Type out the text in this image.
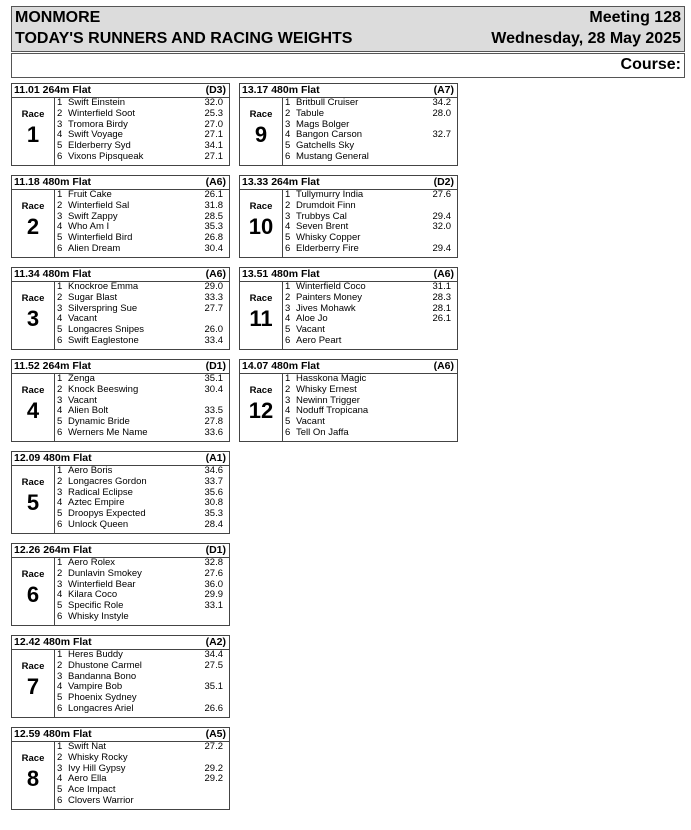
MONMORE
TODAY'S RUNNERS AND RACING WEIGHTS
Meeting 128
Wednesday, 28 May 2025
Course:
11.01 264m Flat	(D3)
Race
1
1 Swift Einstein	32.0
2 Winterfield Soot	25.3
3 Tromora Birdy	27.0
4 Swift Voyage	27.1
5 Elderberry Syd	34.1
6 Vixons Pipsqueak	27.1
11.18 480m Flat	(A6)
Race
2
1 Fruit Cake	26.1
2 Winterfield Sal	31.8
3 Swift Zappy	28.5
4 Who Am I	35.3
5 Winterfield Bird	26.8
6 Alien Dream	30.4
11.34 480m Flat	(A6)
Race
3
1 Knockroe Emma	29.0
2 Sugar Blast	33.3
3 Silverspring Sue	27.7
4 Vacant
5 Longacres Snipes	26.0
6 Swift Eaglestone	33.4
11.52 264m Flat	(D1)
Race
4
1 Zenga	35.1
2 Knock Beeswing	30.4
3 Vacant
4 Alien Bolt	33.5
5 Dynamic Bride	27.8
6 Werners Me Name	33.6
12.09 480m Flat	(A1)
Race
5
1 Aero Boris	34.6
2 Longacres Gordon	33.7
3 Radical Eclipse	35.6
4 Aztec Empire	30.8
5 Droopys Expected	35.3
6 Unlock Queen	28.4
12.26 264m Flat	(D1)
Race
6
1 Aero Rolex	32.8
2 Dunlavin Smokey	27.6
3 Winterfield Bear	36.0
4 Kilara Coco	29.9
5 Specific Role	33.1
6 Whisky Instyle
12.42 480m Flat	(A2)
Race
7
1 Heres Buddy	34.4
2 Dhustone Carmel	27.5
3 Bandanna Bono
4 Vampire Bob	35.1
5 Phoenix Sydney
6 Longacres Ariel	26.6
12.59 480m Flat	(A5)
Race
8
1 Swift Nat	27.2
2 Whisky Rocky
3 Ivy Hill Gypsy	29.2
4 Aero Ella	29.2
5 Ace Impact
6 Clovers Warrior
13.17 480m Flat	(A7)
Race
9
1 Britbull Cruiser	34.2
2 Tabule	28.0
3 Mags Bolger
4 Bangon Carson	32.7
5 Gatchells Sky
6 Mustang General
13.33 264m Flat	(D2)
Race
10
1 Tullymurry India	27.6
2 Drumdoit Finn
3 Trubbys Cal	29.4
4 Seven Brent	32.0
5 Whisky Copper
6 Elderberry Fire	29.4
13.51 480m Flat	(A6)
Race
11
1 Winterfield Coco	31.1
2 Painters Money	28.3
3 Jives Mohawk	28.1
4 Aloe Jo	26.1
5 Vacant
6 Aero Peart
14.07 480m Flat	(A6)
Race
12
1 Hasskona Magic
2 Whisky Ernest
3 Newinn Trigger
4 Noduff Tropicana
5 Vacant
6 Tell On Jaffa
